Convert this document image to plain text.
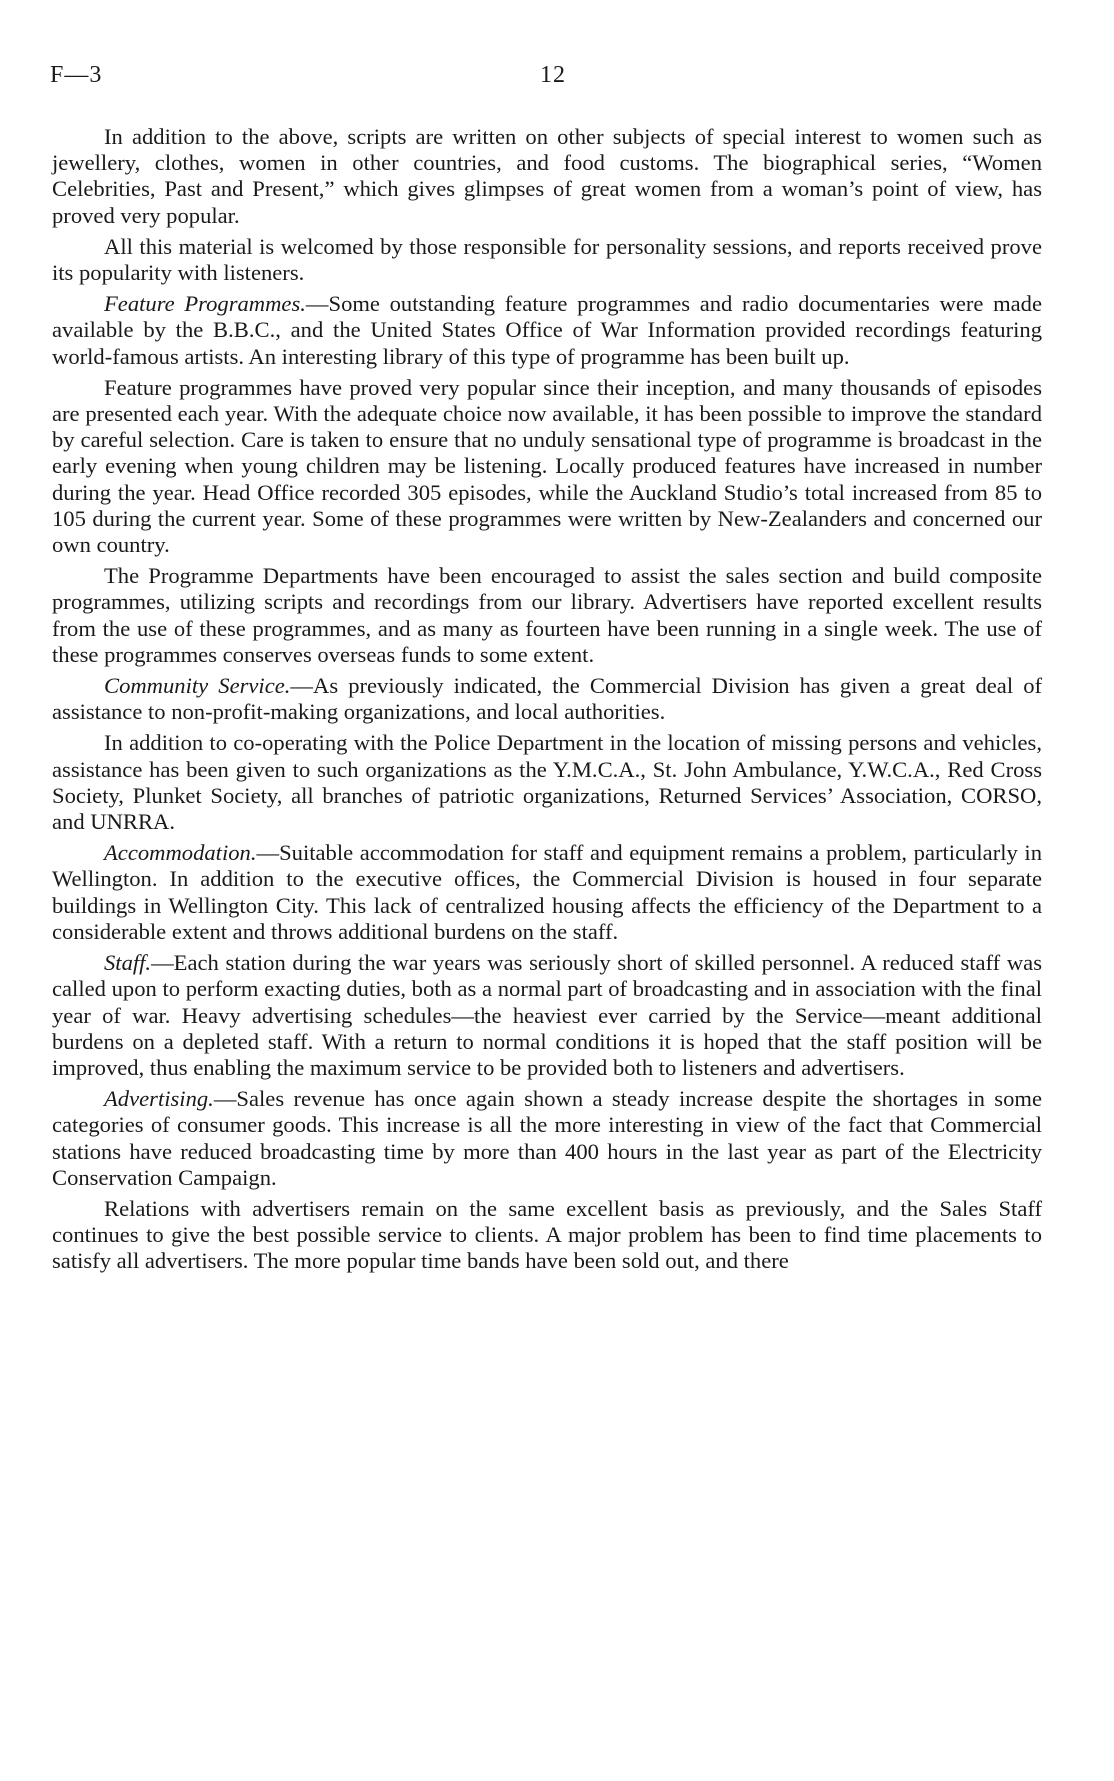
F—3	12

In addition to the above, scripts are written on other subjects of special interest to women such as jewellery, clothes, women in other countries, and food customs. The biographical series, “Women Celebrities, Past and Present,” which gives glimpses of great women from a woman’s point of view, has proved very popular.

All this material is welcomed by those responsible for personality sessions, and reports received prove its popularity with listeners.

Feature Programmes.—Some outstanding feature programmes and radio documentaries were made available by the B.B.C., and the United States Office of War Information provided recordings featuring world-famous artists. An interesting library of this type of programme has been built up.

Feature programmes have proved very popular since their inception, and many thousands of episodes are presented each year. With the adequate choice now available, it has been possible to improve the standard by careful selection. Care is taken to ensure that no unduly sensational type of programme is broadcast in the early evening when young children may be listening. Locally produced features have increased in number during the year. Head Office recorded 305 episodes, while the Auckland Studio’s total increased from 85 to 105 during the current year. Some of these programmes were written by New-Zealanders and concerned our own country.

The Programme Departments have been encouraged to assist the sales section and build composite programmes, utilizing scripts and recordings from our library. Advertisers have reported excellent results from the use of these programmes, and as many as fourteen have been running in a single week. The use of these programmes conserves overseas funds to some extent.

Community Service.—As previously indicated, the Commercial Division has given a great deal of assistance to non-profit-making organizations, and local authorities.

In addition to co-operating with the Police Department in the location of missing persons and vehicles, assistance has been given to such organizations as the Y.M.C.A., St. John Ambulance, Y.W.C.A., Red Cross Society, Plunket Society, all branches of patriotic organizations, Returned Services’ Association, CORSO, and UNRRA.

Accommodation.—Suitable accommodation for staff and equipment remains a problem, particularly in Wellington. In addition to the executive offices, the Commercial Division is housed in four separate buildings in Wellington City. This lack of centralized housing affects the efficiency of the Department to a considerable extent and throws additional burdens on the staff.

Staff.—Each station during the war years was seriously short of skilled personnel. A reduced staff was called upon to perform exacting duties, both as a normal part of broadcasting and in association with the final year of war. Heavy advertising schedules—the heaviest ever carried by the Service—meant additional burdens on a depleted staff. With a return to normal conditions it is hoped that the staff position will be improved, thus enabling the maximum service to be provided both to listeners and advertisers.

Advertising.—Sales revenue has once again shown a steady increase despite the shortages in some categories of consumer goods. This increase is all the more interesting in view of the fact that Commercial stations have reduced broadcasting time by more than 400 hours in the last year as part of the Electricity Conservation Campaign.

Relations with advertisers remain on the same excellent basis as previously, and the Sales Staff continues to give the best possible service to clients. A major problem has been to find time placements to satisfy all advertisers. The more popular time bands have been sold out, and there
